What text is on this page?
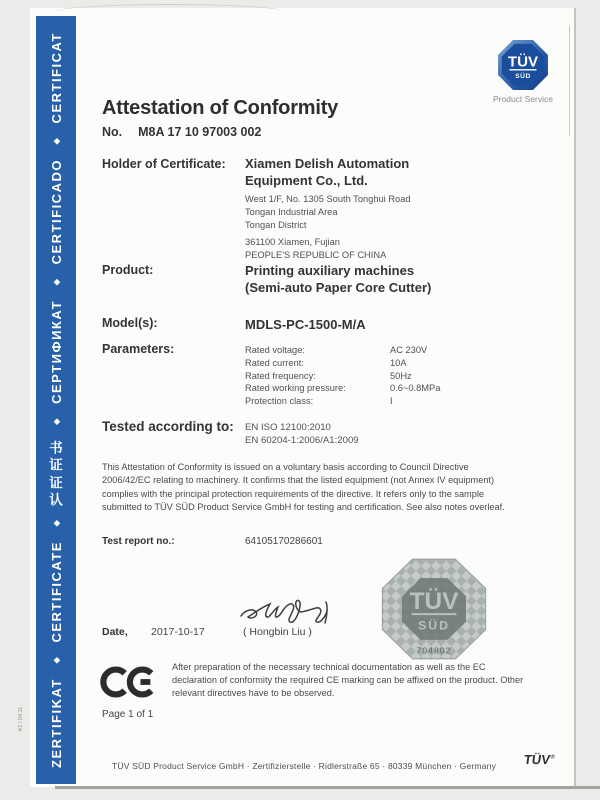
ZERTIFIKAT
◆
CERTIFICATE
◆
认
证
证
书
◆
СЕРТИФИКАТ
◆
CERTIFICADO
◆
CERTIFICAT
A1 / 04.11
TÜV
SÜD
Product Service
Attestation of Conformity
No. M8A 17 10 97003 002
Holder of Certificate: Xiamen Delish Automation
Equipment Co., Ltd.
West 1/F, No. 1305 South Tonghui Road
Tongan Industrial Area
Tongan District
361100 Xiamen, Fujian
PEOPLE'S REPUBLIC OF CHINA
Product:	Printing auxiliary machines
(Semi-auto Paper Core Cutter)
Model(s):	MDLS-PC-1500-M/A
Parameters:	Rated voltage:	AC 230V
Rated current:	10A
Rated frequency:	50Hz
Rated working pressure:	0.6~0.8MPa
Protection class:	I
Tested according to: EN ISO 12100:2010
EN 60204-1:2006/A1:2009
This Attestation of Conformity is issued on a voluntary basis according to Council Directive 2006/42/EC relating to machinery. It confirms that the listed equipment (not Annex IV equipment) complies with the principal protection requirements of the directive. It refers only to the sample submitted to TÜV SÜD Product Service GmbH for testing and certification. See also notes overleaf.
Test report no.:	64105170286601
TÜV
SÜD
704802
Date, 2017-10-17	( Hongbin Liu )
After preparation of the necessary technical documentation as well as the EC declaration of conformity the required CE marking can be affixed on the product. Other relevant directives have to be observed.
Page 1 of 1
TÜV SÜD Product Service GmbH · Zertifizierstelle · Ridlerstraße 65 · 80339 München · Germany TÜV®
